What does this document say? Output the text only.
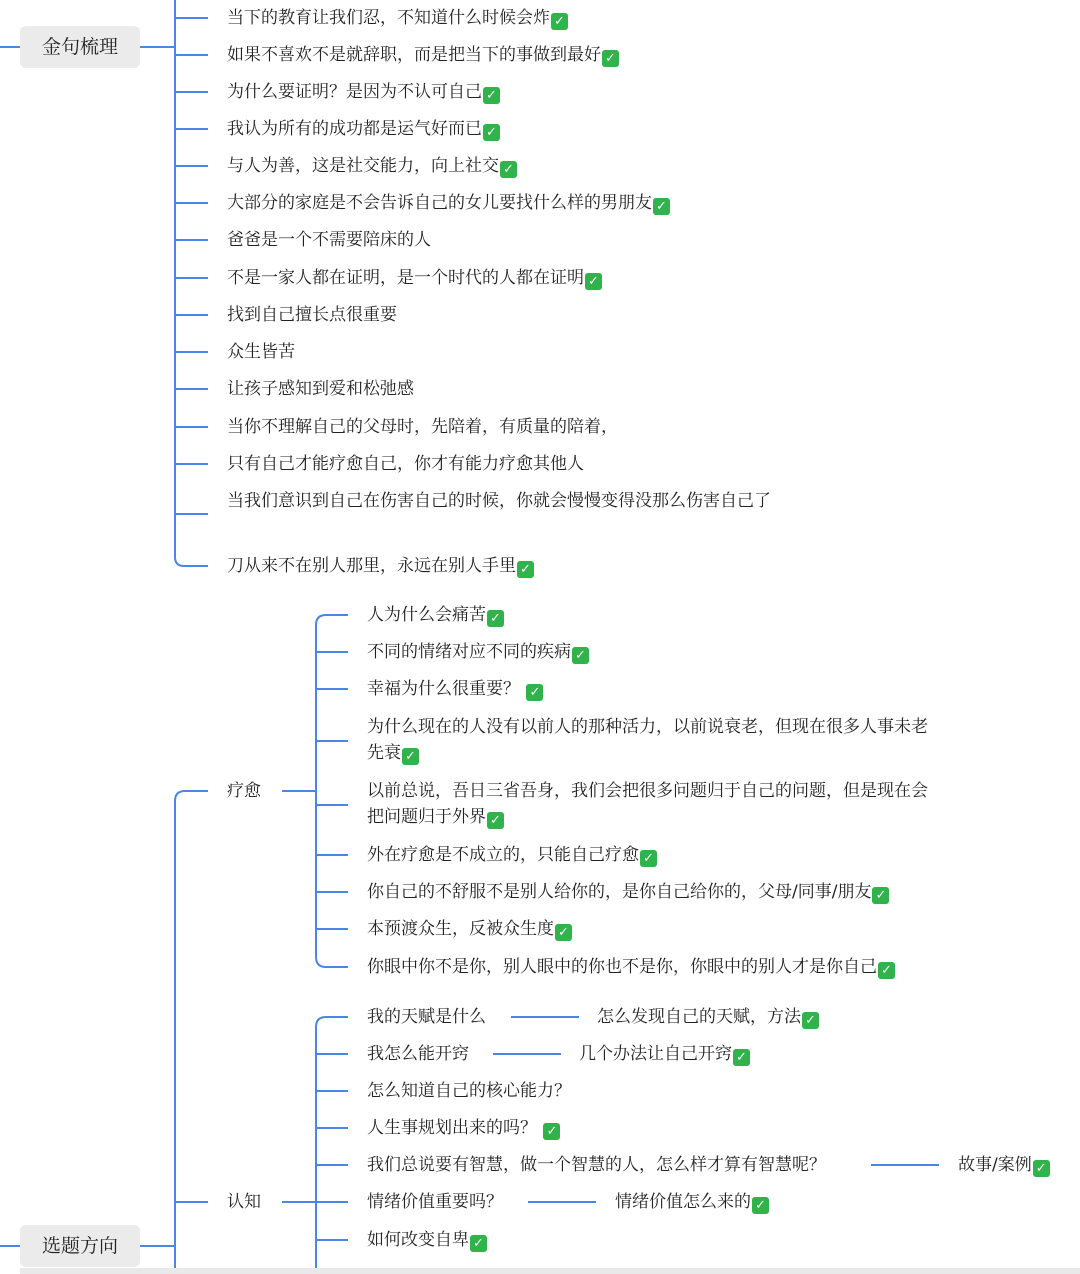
金句梳理
选题方向
当下的教育让我们忍，不知道什么时候会炸 ✓
如果不喜欢不是就辞职，而是把当下的事做到最好 ✓
为什么要证明？是因为不认可自己 ✓
我认为所有的成功都是运气好而已 ✓
与人为善，这是社交能力，向上社交 ✓
大部分的家庭是不会告诉自己的女儿要找什么样的男朋友 ✓
爸爸是一个不需要陪床的人
不是一家人都在证明，是一个时代的人都在证明 ✓
找到自己擅长点很重要
众生皆苦
让孩子感知到爱和松弛感
当你不理解自己的父母时，先陪着，有质量的陪着，
只有自己才能疗愈自己，你才有能力疗愈其他人
当我们意识到自己在伤害自己的时候，你就会慢慢变得没那么伤害自己了
刀从来不在别人那里，永远在别人手里 ✓
疗愈
人为什么会痛苦 ✓
不同的情绪对应不同的疾病 ✓
幸福为什么很重要？ ✓
为什么现在的人没有以前人的那种活力，以前说衰老，但现在很多人事未老先衰 ✓
以前总说，吾日三省吾身，我们会把很多问题归于自己的问题，但是现在会把问题归于外界 ✓
外在疗愈是不成立的，只能自己疗愈 ✓
你自己的不舒服不是别人给你的，是你自己给你的，父母/同事/朋友 ✓
本预渡众生，反被众生度 ✓
你眼中你不是你，别人眼中的你也不是你，你眼中的别人才是你自己 ✓
认知
我的天赋是什么	怎么发现自己的天赋，方法 ✓
我怎么能开窍	几个办法让自己开窍 ✓
怎么知道自己的核心能力？
人生事规划出来的吗？ ✓
我们总说要有智慧，做一个智慧的人，怎么样才算有智慧呢？	故事/案例 ✓
情绪价值重要吗？	情绪价值怎么来的 ✓
如何改变自卑 ✓
